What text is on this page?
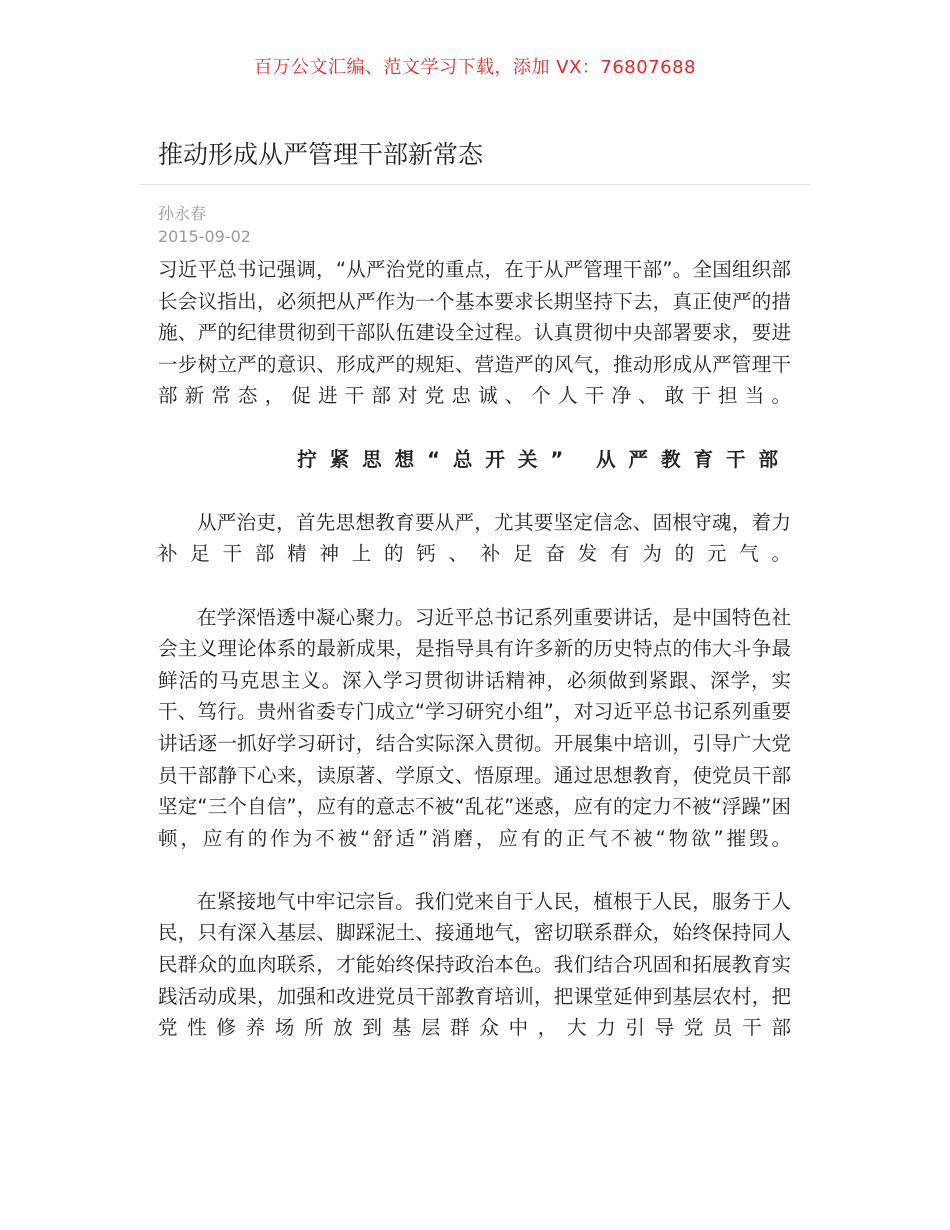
百万公文汇编、范文学习下载，添加 VX：76807688
推动形成从严管理干部新常态
孙永春
2015-09-02

习近平总书记强调，“从严治党的重点，在于从严管理干部”。全国组织部长会议指出，必须把从严作为一个基本要求长期坚持下去，真正使严的措施、严的纪律贯彻到干部队伍建设全过程。认真贯彻中央部署要求，要进一步树立严的意识、形成严的规矩、营造严的风气，推动形成从严管理干部新常态，促进干部对党忠诚、个人干净、敢于担当。

拧紧思想“总开关” 从严教育干部

从严治吏，首先思想教育要从严，尤其要坚定信念、固根守魂，着力补足干部精神上的钙、补足奋发有为的元气。

在学深悟透中凝心聚力。习近平总书记系列重要讲话，是中国特色社会主义理论体系的最新成果，是指导具有许多新的历史特点的伟大斗争最鲜活的马克思主义。深入学习贯彻讲话精神，必须做到紧跟、深学，实干、笃行。贵州省委专门成立“学习研究小组”，对习近平总书记系列重要讲话逐一抓好学习研讨，结合实际深入贯彻。开展集中培训，引导广大党员干部静下心来，读原著、学原文、悟原理。通过思想教育，使党员干部坚定“三个自信”，应有的意志不被“乱花”迷惑，应有的定力不被“浮躁”困顿，应有的作为不被“舒适”消磨，应有的正气不被“物欲”摧毁。

在紧接地气中牢记宗旨。我们党来自于人民，植根于人民，服务于人民，只有深入基层、脚踩泥土、接通地气，密切联系群众，始终保持同人民群众的血肉联系，才能始终保持政治本色。我们结合巩固和拓展教育实践活动成果，加强和改进党员干部教育培训，把课堂延伸到基层农村，把党性修养场所放到基层群众中，大力引导党员干部
